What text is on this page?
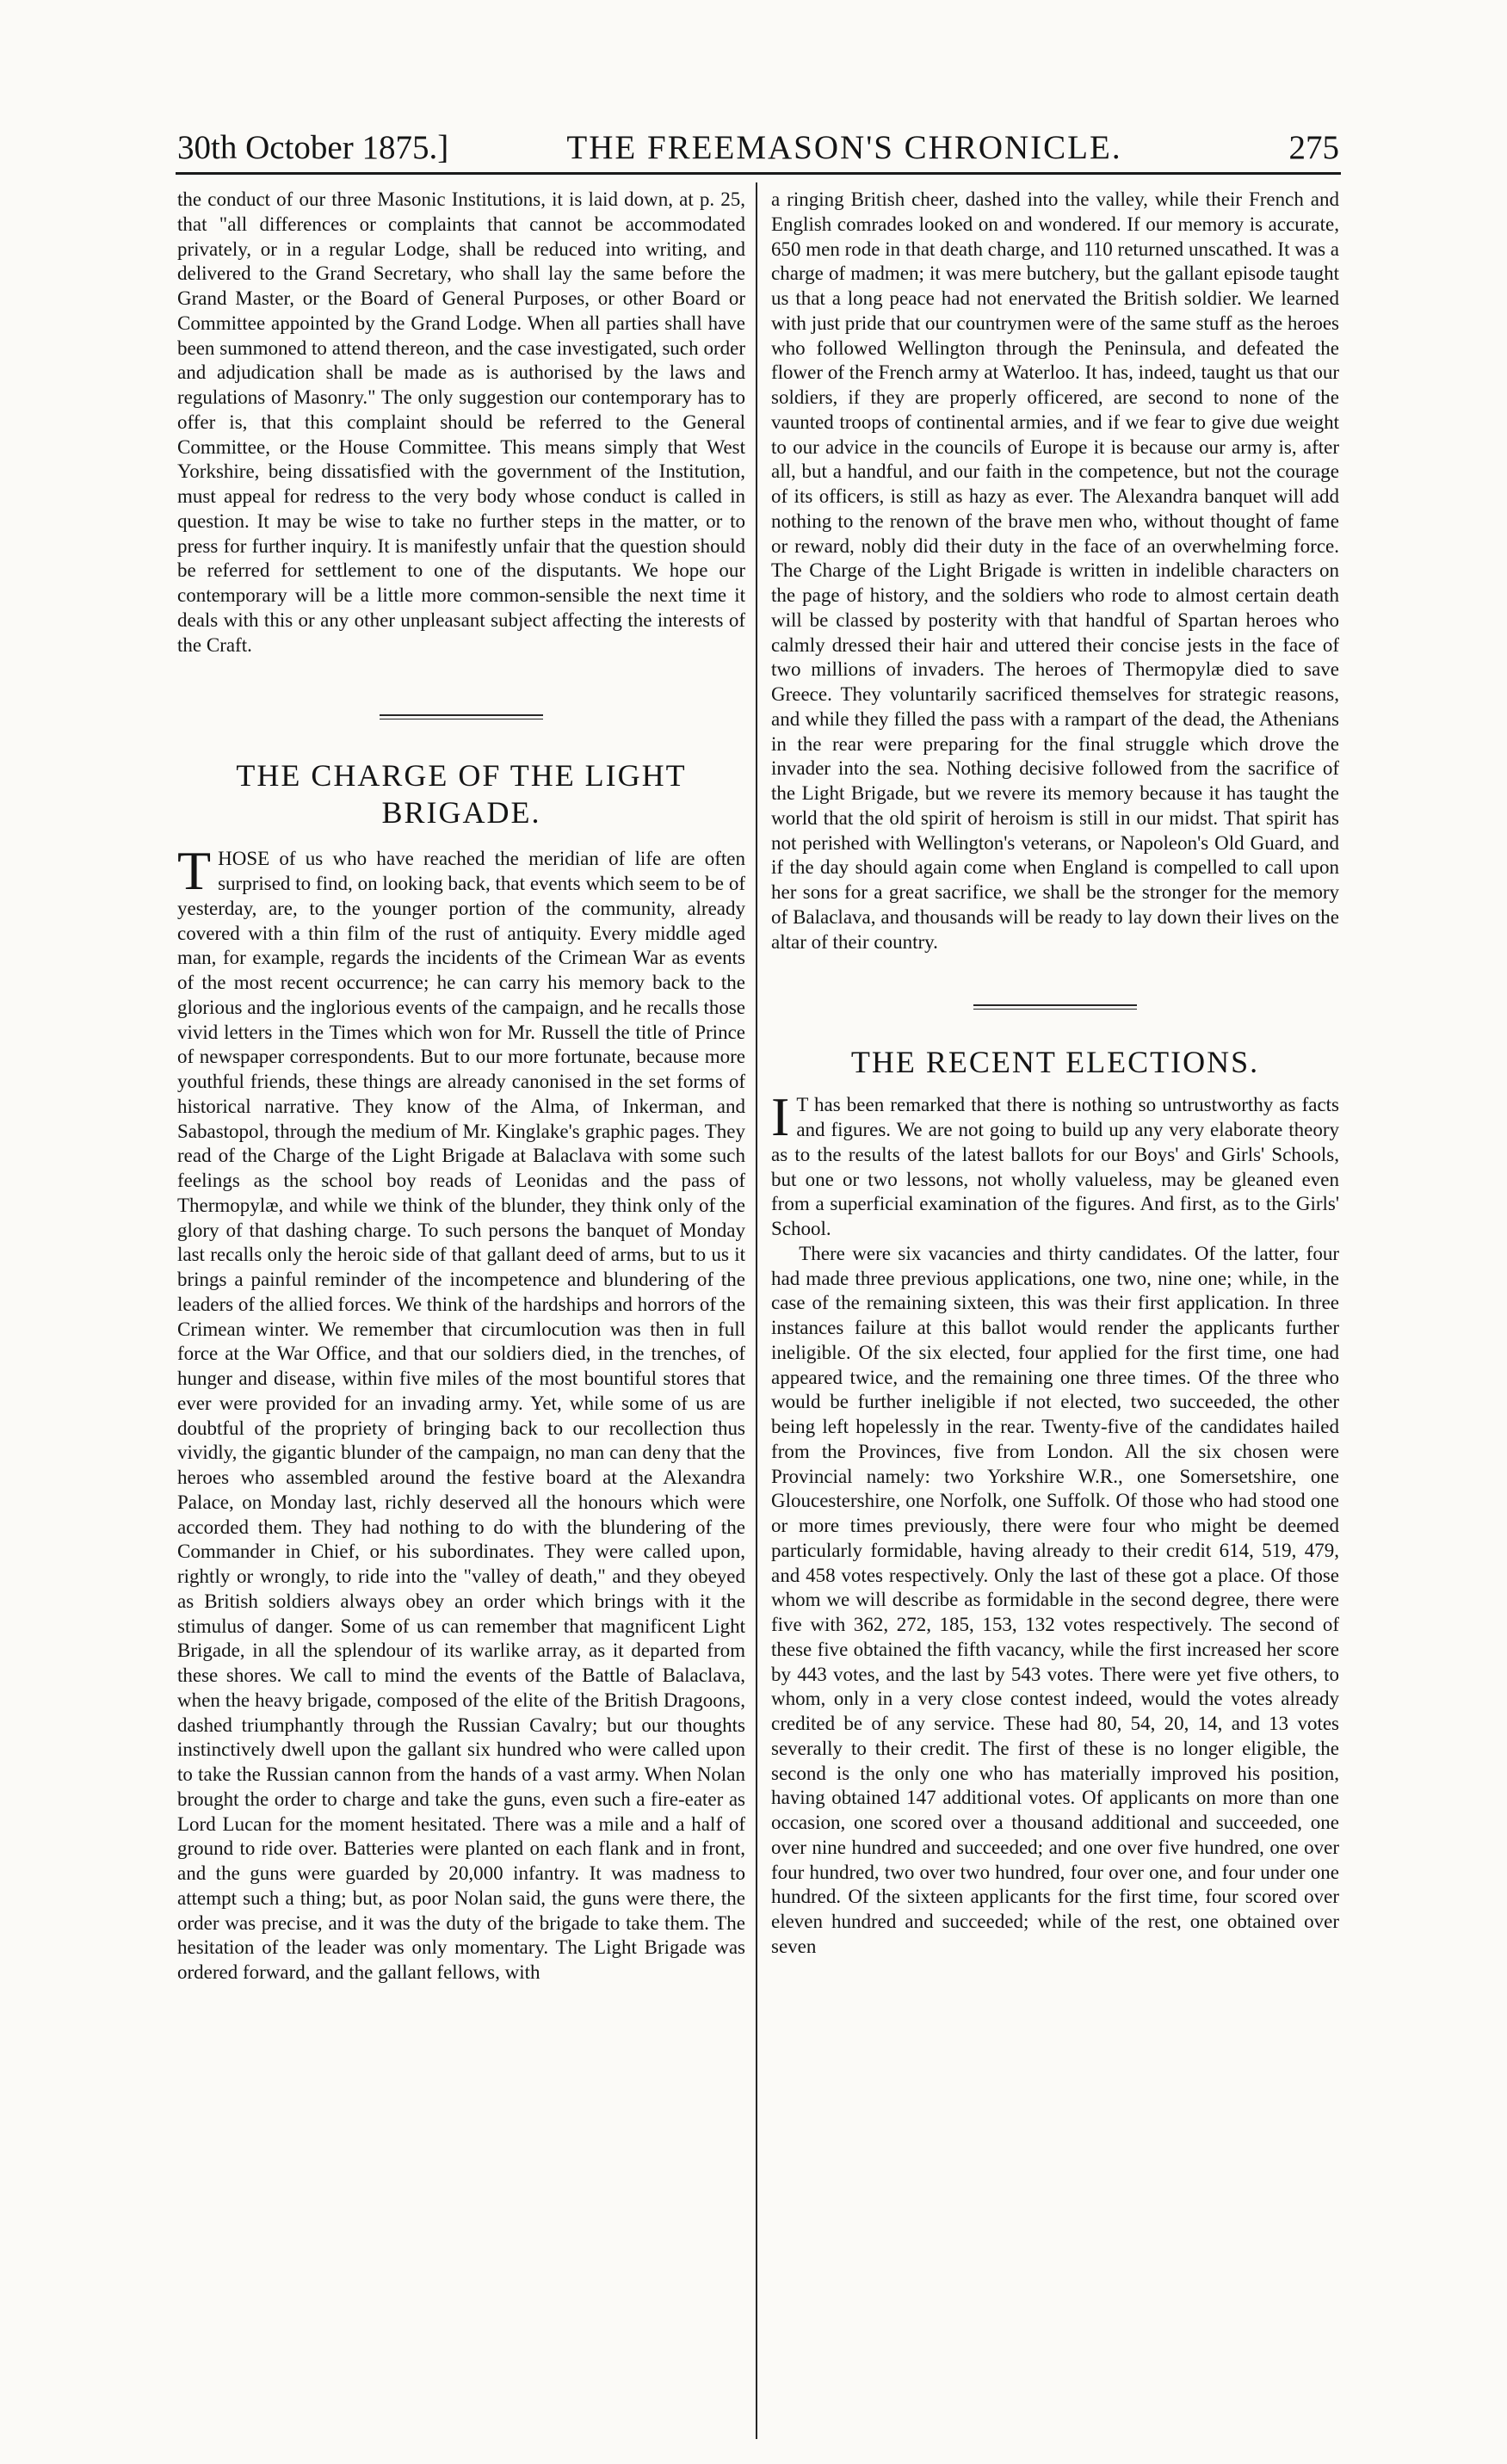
30th October 1875.]	THE FREEMASON'S CHRONICLE.	275

the conduct of our three Masonic Institutions, it is laid down, at p. 25, that "all differences or complaints that cannot be accommodated privately, or in a regular Lodge, shall be reduced into writing, and delivered to the Grand Secretary, who shall lay the same before the Grand Master, or the Board of General Purposes, or other Board or Committee appointed by the Grand Lodge. When all parties shall have been summoned to attend thereon, and the case investigated, such order and adjudication shall be made as is authorised by the laws and regulations of Masonry." The only suggestion our contemporary has to offer is, that this complaint should be referred to the General Committee, or the House Committee. This means simply that West Yorkshire, being dissatisfied with the government of the Institution, must appeal for redress to the very body whose conduct is called in question. It may be wise to take no further steps in the matter, or to press for further inquiry. It is manifestly unfair that the question should be referred for settlement to one of the disputants. We hope our contemporary will be a little more common-sensible the next time it deals with this or any other unpleasant subject affecting the interests of the Craft.

THE CHARGE OF THE LIGHT BRIGADE.

THOSE of us who have reached the meridian of life are often surprised to find, on looking back, that events which seem to be of yesterday, are, to the younger portion of the community, already covered with a thin film of the rust of antiquity. Every middle aged man, for example, regards the incidents of the Crimean War as events of the most recent occurrence; he can carry his memory back to the glorious and the inglorious events of the campaign, and he recalls those vivid letters in the Times which won for Mr. Russell the title of Prince of newspaper correspondents. But to our more fortunate, because more youthful friends, these things are already canonised in the set forms of historical narrative. They know of the Alma, of Inkerman, and Sabastopol, through the medium of Mr. Kinglake's graphic pages. They read of the Charge of the Light Brigade at Balaclava with some such feelings as the school boy reads of Leonidas and the pass of Thermopylæ, and while we think of the blunder, they think only of the glory of that dashing charge. To such persons the banquet of Monday last recalls only the heroic side of that gallant deed of arms, but to us it brings a painful reminder of the incompetence and blundering of the leaders of the allied forces. We think of the hardships and horrors of the Crimean winter. We remember that circumlocution was then in full force at the War Office, and that our soldiers died, in the trenches, of hunger and disease, within five miles of the most bountiful stores that ever were provided for an invading army. Yet, while some of us are doubtful of the propriety of bringing back to our recollection thus vividly, the gigantic blunder of the campaign, no man can deny that the heroes who assembled around the festive board at the Alexandra Palace, on Monday last, richly deserved all the honours which were accorded them. They had nothing to do with the blundering of the Commander in Chief, or his subordinates. They were called upon, rightly or wrongly, to ride into the "valley of death," and they obeyed as British soldiers always obey an order which brings with it the stimulus of danger. Some of us can remember that magnificent Light Brigade, in all the splendour of its warlike array, as it departed from these shores. We call to mind the events of the Battle of Balaclava, when the heavy brigade, composed of the elite of the British Dragoons, dashed triumphantly through the Russian Cavalry; but our thoughts instinctively dwell upon the gallant six hundred who were called upon to take the Russian cannon from the hands of a vast army. When Nolan brought the order to charge and take the guns, even such a fire-eater as Lord Lucan for the moment hesitated. There was a mile and a half of ground to ride over. Batteries were planted on each flank and in front, and the guns were guarded by 20,000 infantry. It was madness to attempt such a thing; but, as poor Nolan said, the guns were there, the order was precise, and it was the duty of the brigade to take them. The hesitation of the leader was only momentary. The Light Brigade was ordered forward, and the gallant fellows, with

a ringing British cheer, dashed into the valley, while their French and English comrades looked on and wondered. If our memory is accurate, 650 men rode in that death charge, and 110 returned unscathed. It was a charge of madmen; it was mere butchery, but the gallant episode taught us that a long peace had not enervated the British soldier. We learned with just pride that our countrymen were of the same stuff as the heroes who followed Wellington through the Peninsula, and defeated the flower of the French army at Waterloo. It has, indeed, taught us that our soldiers, if they are properly officered, are second to none of the vaunted troops of continental armies, and if we fear to give due weight to our advice in the councils of Europe it is because our army is, after all, but a handful, and our faith in the competence, but not the courage of its officers, is still as hazy as ever. The Alexandra banquet will add nothing to the renown of the brave men who, without thought of fame or reward, nobly did their duty in the face of an overwhelming force. The Charge of the Light Brigade is written in indelible characters on the page of history, and the soldiers who rode to almost certain death will be classed by posterity with that handful of Spartan heroes who calmly dressed their hair and uttered their concise jests in the face of two millions of invaders. The heroes of Thermopylæ died to save Greece. They voluntarily sacrificed themselves for strategic reasons, and while they filled the pass with a rampart of the dead, the Athenians in the rear were preparing for the final struggle which drove the invader into the sea. Nothing decisive followed from the sacrifice of the Light Brigade, but we revere its memory because it has taught the world that the old spirit of heroism is still in our midst. That spirit has not perished with Wellington's veterans, or Napoleon's Old Guard, and if the day should again come when England is compelled to call upon her sons for a great sacrifice, we shall be the stronger for the memory of Balaclava, and thousands will be ready to lay down their lives on the altar of their country.

THE RECENT ELECTIONS.

IT has been remarked that there is nothing so untrustworthy as facts and figures. We are not going to build up any very elaborate theory as to the results of the latest ballots for our Boys' and Girls' Schools, but one or two lessons, not wholly valueless, may be gleaned even from a superficial examination of the figures. And first, as to the Girls' School.

There were six vacancies and thirty candidates. Of the latter, four had made three previous applications, one two, nine one; while, in the case of the remaining sixteen, this was their first application. In three instances failure at this ballot would render the applicants further ineligible. Of the six elected, four applied for the first time, one had appeared twice, and the remaining one three times. Of the three who would be further ineligible if not elected, two succeeded, the other being left hopelessly in the rear. Twenty-five of the candidates hailed from the Provinces, five from London. All the six chosen were Provincial namely: two Yorkshire W.R., one Somersetshire, one Gloucestershire, one Norfolk, one Suffolk. Of those who had stood one or more times previously, there were four who might be deemed particularly formidable, having already to their credit 614, 519, 479, and 458 votes respectively. Only the last of these got a place. Of those whom we will describe as formidable in the second degree, there were five with 362, 272, 185, 153, 132 votes respectively. The second of these five obtained the fifth vacancy, while the first increased her score by 443 votes, and the last by 543 votes. There were yet five others, to whom, only in a very close contest indeed, would the votes already credited be of any service. These had 80, 54, 20, 14, and 13 votes severally to their credit. The first of these is no longer eligible, the second is the only one who has materially improved his position, having obtained 147 additional votes. Of applicants on more than one occasion, one scored over a thousand additional and succeeded, one over nine hundred and succeeded; and one over five hundred, one over four hundred, two over two hundred, four over one, and four under one hundred. Of the sixteen applicants for the first time, four scored over eleven hundred and succeeded; while of the rest, one obtained over seven
